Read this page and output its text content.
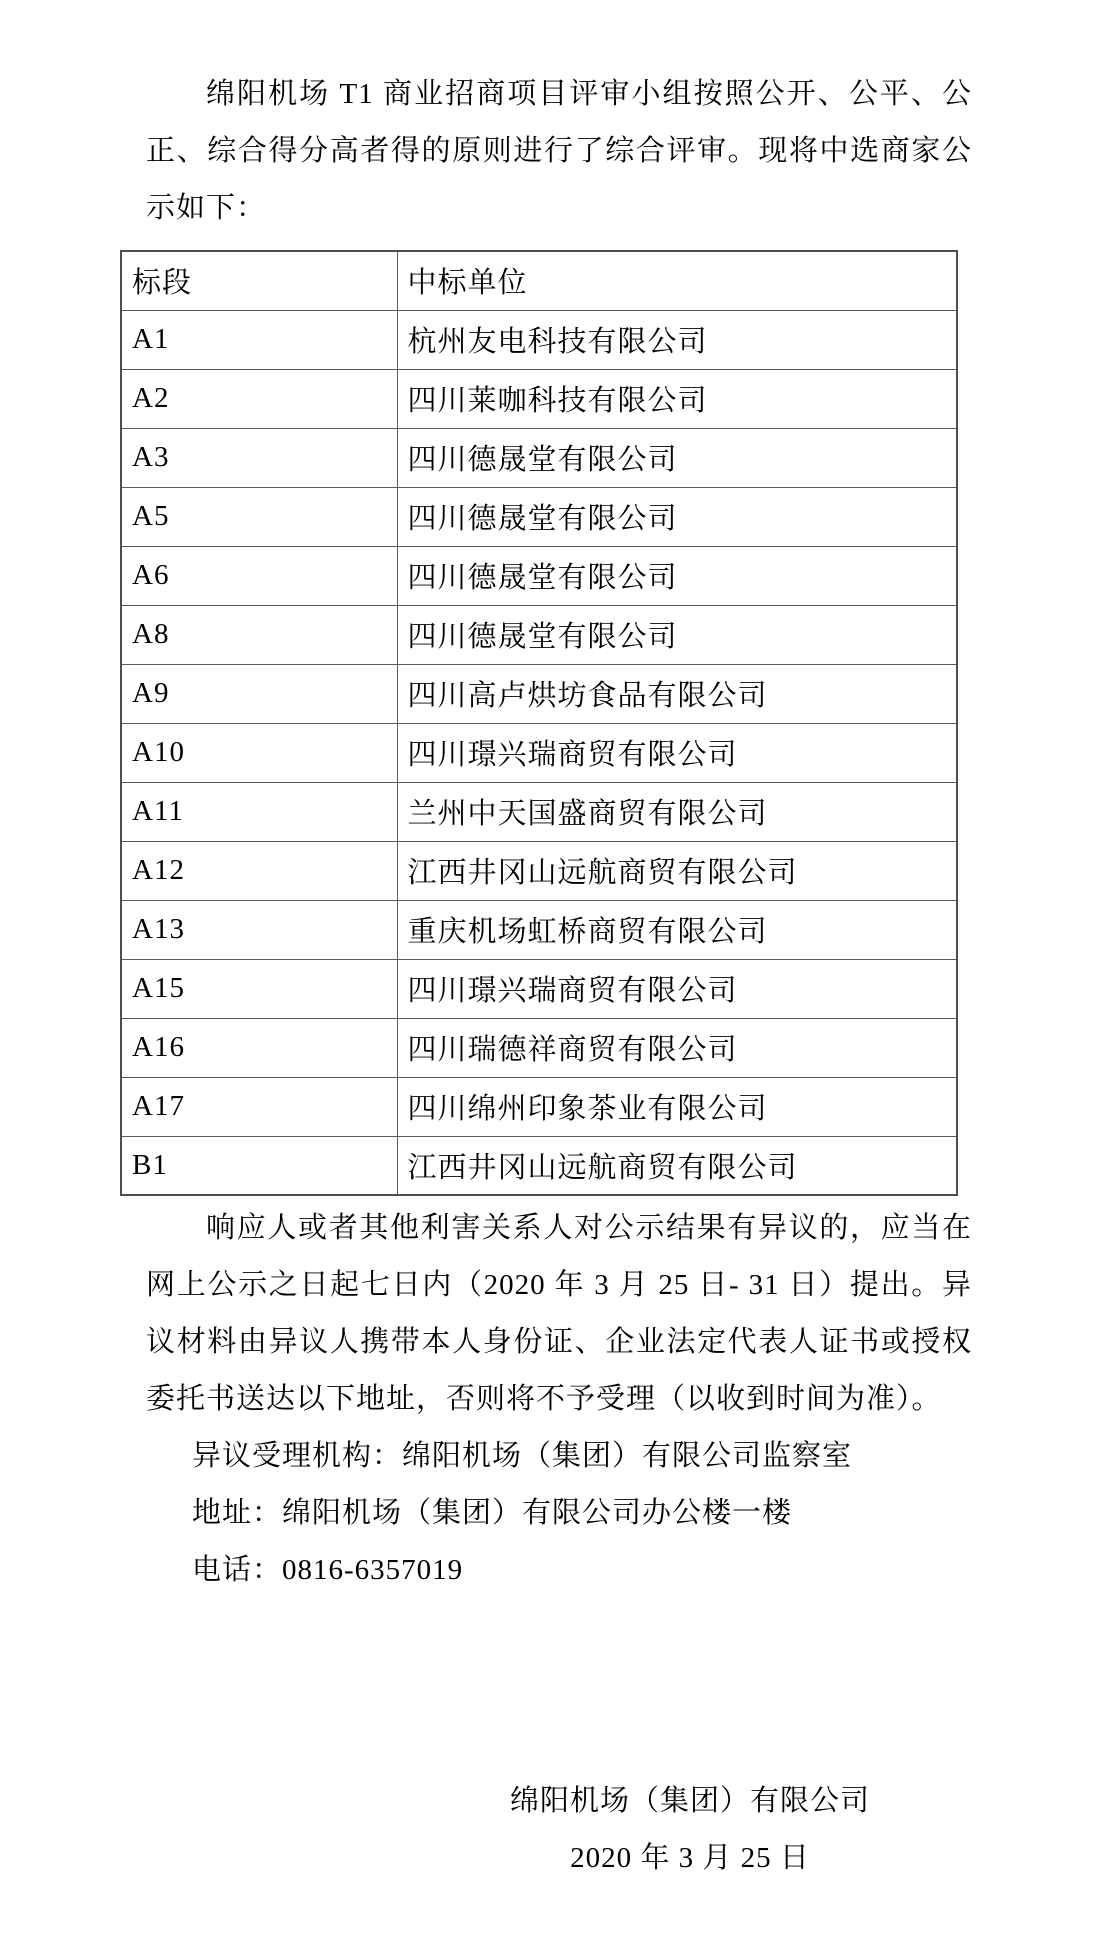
绵阳机场 T1 商业招商项目评审小组按照公开、公平、公正、综合得分高者得的原则进行了综合评审。现将中选商家公示如下：
标段	中标单位
A1	杭州友电科技有限公司
A2	四川莱咖科技有限公司
A3	四川德晟堂有限公司
A5	四川德晟堂有限公司
A6	四川德晟堂有限公司
A8	四川德晟堂有限公司
A9	四川高卢烘坊食品有限公司
A10	四川璟兴瑞商贸有限公司
A11	兰州中天国盛商贸有限公司
A12	江西井冈山远航商贸有限公司
A13	重庆机场虹桥商贸有限公司
A15	四川璟兴瑞商贸有限公司
A16	四川瑞德祥商贸有限公司
A17	四川绵州印象茶业有限公司
B1	江西井冈山远航商贸有限公司
响应人或者其他利害关系人对公示结果有异议的，应当在网上公示之日起七日内（2020 年 3 月 25 日- 31 日）提出。异议材料由异议人携带本人身份证、企业法定代表人证书或授权委托书送达以下地址，否则将不予受理（以收到时间为准）。
异议受理机构：绵阳机场（集团）有限公司监察室
地址：绵阳机场（集团）有限公司办公楼一楼
电话：0816-6357019
绵阳机场（集团）有限公司
2020 年 3 月 25 日
